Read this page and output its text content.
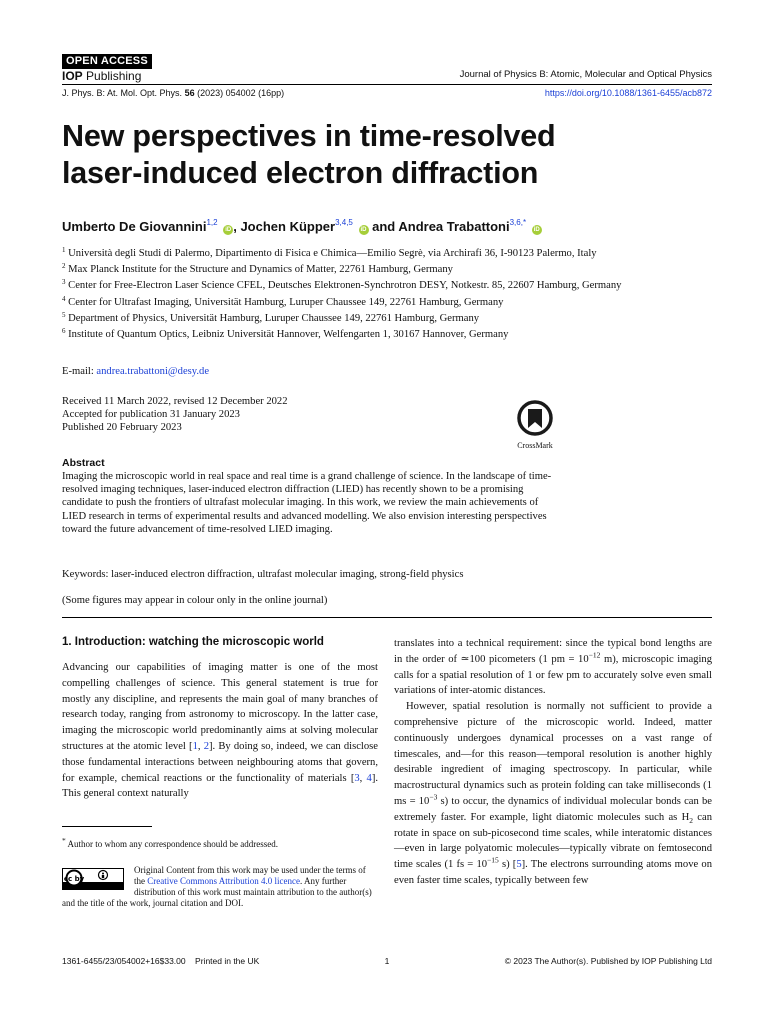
OPEN ACCESS
IOP Publishing	Journal of Physics B: Atomic, Molecular and Optical Physics
J. Phys. B: At. Mol. Opt. Phys. 56 (2023) 054002 (16pp)	https://doi.org/10.1088/1361-6455/acb872
New perspectives in time-resolved
laser-induced electron diffraction
Umberto De Giovannini$^{1,2}$ iD , Jochen Küpper$^{3,4,5}$ iD and Andrea Trabattoni$^{3,6,*}$ iD

$^1$ Università degli Studi di Palermo, Dipartimento di Fisica e Chimica—Emilio Segrè, via Archirafi 36, I-90123 Palermo, Italy

$^2$ Max Planck Institute for the Structure and Dynamics of Matter, 22761 Hamburg, Germany

$^3$ Center for Free-Electron Laser Science CFEL, Deutsches Elektronen-Synchrotron DESY, Notkestr. 85, 22607 Hamburg, Germany

$^4$ Center for Ultrafast Imaging, Universität Hamburg, Luruper Chaussee 149, 22761 Hamburg, Germany

$^5$ Department of Physics, Universität Hamburg, Luruper Chaussee 149, 22761 Hamburg, Germany

$^6$ Institute of Quantum Optics, Leibniz Universität Hannover, Welfengarten 1, 30167 Hannover, Germany

E-mail: andrea.trabattoni@desy.de

Received 11 March 2022, revised 12 December 2022

Accepted for publication 31 January 2023

Published 20 February 2023

CrossMark
Abstract
Imaging the microscopic world in real space and real time is a grand challenge of science. In the landscape of time-resolved imaging techniques, laser-induced electron diffraction (LIED) has recently shown to be a promising candidate to push the frontiers of ultrafast molecular imaging. In this work, we review the main achievements of LIED research in terms of experimental results and advanced modelling. We also envision interesting perspectives toward the future advancement of time-resolved LIED imaging.
Keywords: laser-induced electron diffraction, ultrafast molecular imaging, strong-field physics
(Some figures may appear in colour only in the online journal)
1. Introduction: watching the microscopic world

Advancing our capabilities of imaging matter is one of the most compelling challenges of science. This general statement is true for mostly any discipline, and represents the main goal of many branches of research today, ranging from astronomy to microscopy. In the latter case, imaging the microscopic world predominantly aims at solving molecular structures at the atomic level [1, 2]. By doing so, indeed, we can disclose those fundamental interactions between neighbouring atoms that govern, for example, chemical reactions or the functionality of materials [3, 4]. This general context naturally

translates into a technical requirement: since the typical bond lengths are in the order of ≃100 picometers (1 pm = $10^{-12}$ m), microscopic imaging calls for a spatial resolution of 1 or few pm to accurately solve even small variations of inter-atomic distances.

However, spatial resolution is normally not sufficient to provide a comprehensive picture of the microscopic world. Indeed, matter continuously undergoes dynamical processes on a vast range of timescales, and—for this reason—temporal resolution is another highly desirable ingredient of imaging spectroscopy. In particular, while macrostructural dynamics such as protein folding can take milliseconds (1 ms = $10^{-3}$ s) to occur, the dynamics of individual molecular bonds can be extremely faster. For example, light diatomic molecules such as $H_2$ can rotate in space on sub-picosecond time scales, while interatomic distances—even in large polyatomic molecules—typically vibrate on femtosecond time scales (1 fs = $10^{-15}$ s) [5]. The electrons surrounding atoms move on even faster time scales, typically between few

* Author to whom any correspondence should be addressed.
cc by
Original Content from this work may be used under the terms of the Creative Commons Attribution 4.0 licence. Any further distribution of this work must maintain attribution to the author(s) and the title of the work, journal citation and DOI.
1361-6455/23/054002+16$33.00    Printed in the UK	1	© 2023 The Author(s). Published by IOP Publishing Ltd
